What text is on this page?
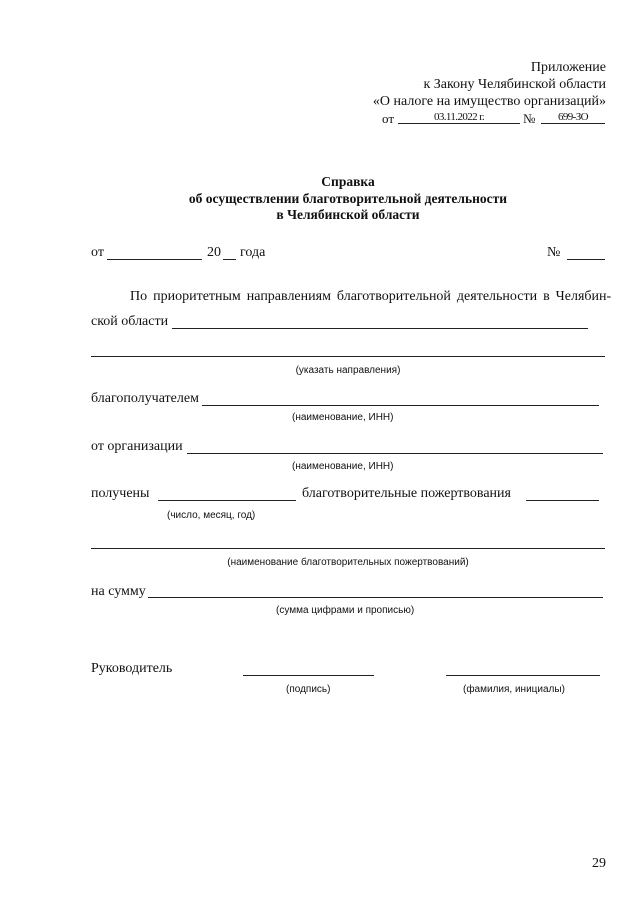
Приложение
к Закону Челябинской области
«О налоге на имущество организаций»
от	03.11.2022 г.	№	699-ЗО
Справка
об осуществлении благотворительной деятельности
в Челябинской области
от	20 года	№
По приоритетным направлениям благотворительной деятельности в Челябин-
ской области
(указать направления)
благополучателем
(наименование, ИНН)
от организации
(наименование, ИНН)
получены	благотворительные пожертвования
(число, месяц, год)
(наименование благотворительных пожертвований)
на сумму
(сумма цифрами и прописью)
Руководитель
(подпись)	(фамилия, инициалы)
29
